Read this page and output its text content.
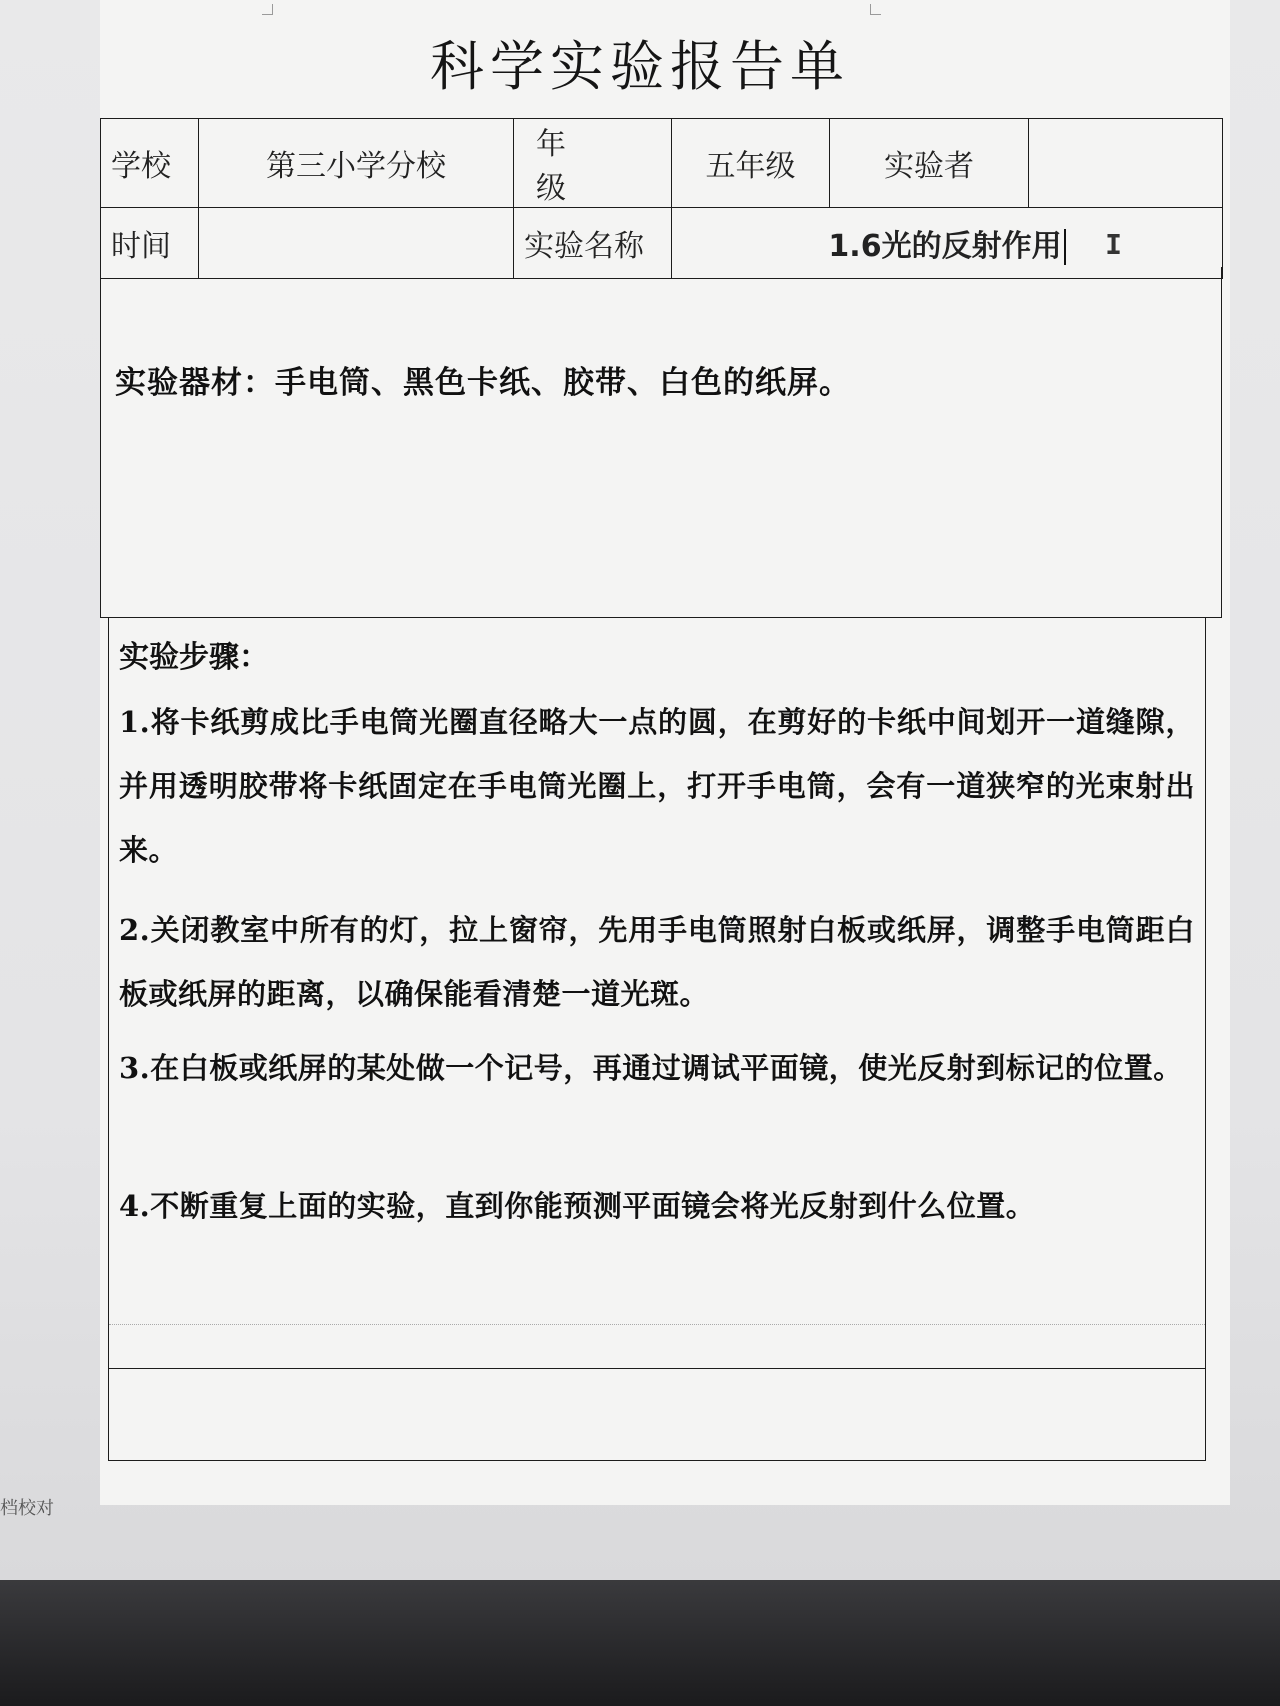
科学实验报告单
学校	第三小学分校	年级	五年级	实验者	
时间		实验名称	1.6光的反射作用 I		
实验器材：手电筒、黑色卡纸、胶带、白色的纸屏。
实验步骤：
1.将卡纸剪成比手电筒光圈直径略大一点的圆，在剪好的卡纸中间划开一道缝隙，并用透明胶带将卡纸固定在手电筒光圈上，打开手电筒，会有一道狭窄的光束射出来。
2.关闭教室中所有的灯，拉上窗帘，先用手电筒照射白板或纸屏，调整手电筒距白板或纸屏的距离，以确保能看清楚一道光斑。
3.在白板或纸屏的某处做一个记号，再通过调试平面镜，使光反射到标记的位置。
4.不断重复上面的实验，直到你能预测平面镜会将光反射到什么位置。
档校对
